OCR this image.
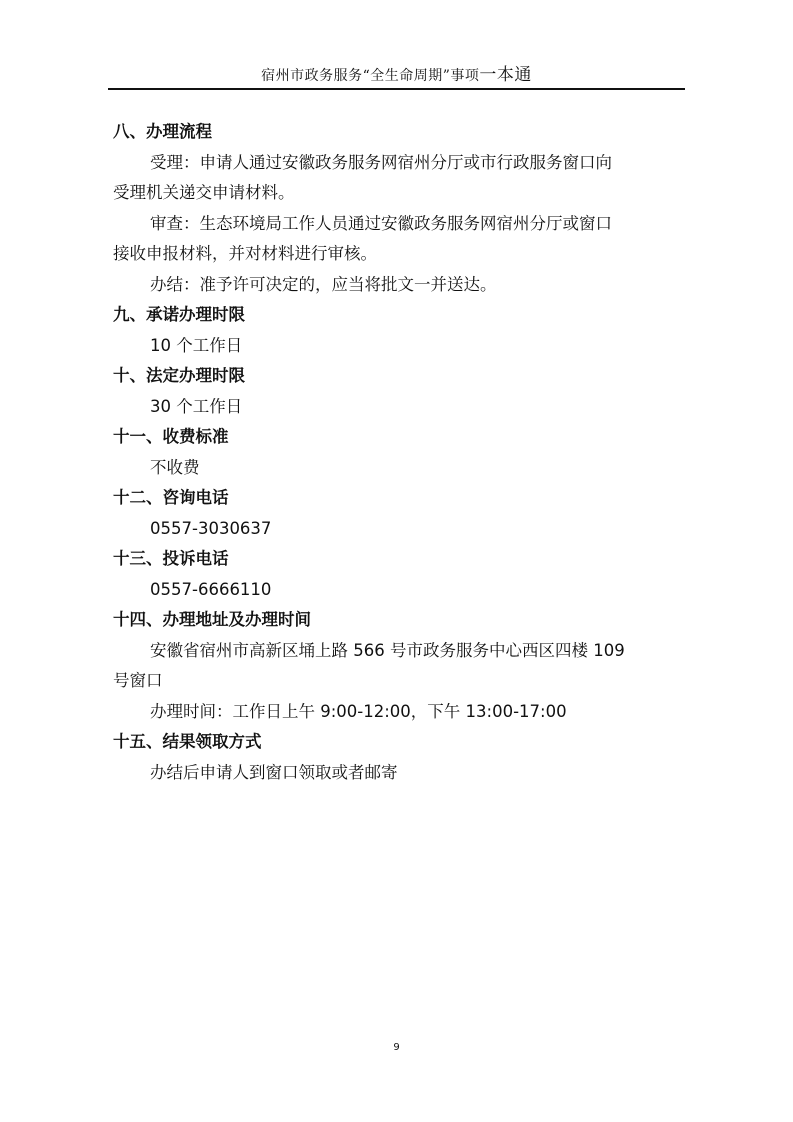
宿州市政务服务“全生命周期”事项一本通
八、办理流程
受理：申请人通过安徽政务服务网宿州分厅或市行政服务窗口向
受理机关递交申请材料。
审查：生态环境局工作人员通过安徽政务服务网宿州分厅或窗口
接收申报材料，并对材料进行审核。
办结：准予许可决定的，应当将批文一并送达。
九、承诺办理时限
10 个工作日
十、法定办理时限
30 个工作日
十一、收费标准
不收费
十二、咨询电话
0557-3030637
十三、投诉电话
0557-6666110
十四、办理地址及办理时间
安徽省宿州市高新区埇上路 566 号市政务服务中心西区四楼 109
号窗口
办理时间：工作日上午 9:00-12:00，下午 13:00-17:00
十五、结果领取方式
办结后申请人到窗口领取或者邮寄
9
